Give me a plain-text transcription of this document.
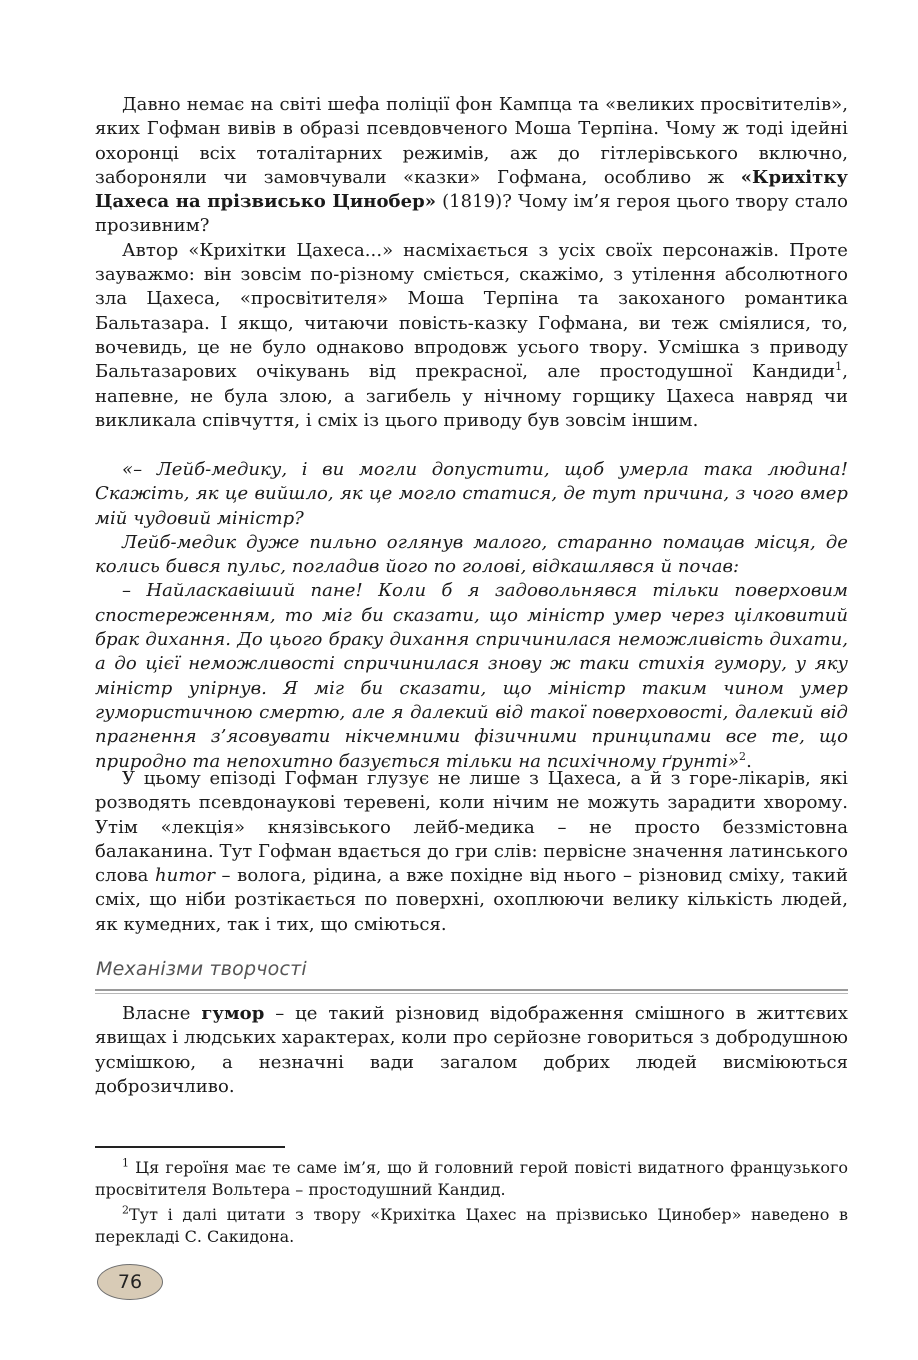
Давно немає на світі шефа поліції фон Кампца та «великих просвітителів», яких Гофман вивів в образі псевдовченого Моша Терпіна. Чому ж тоді ідейні охоронці всіх тоталітарних режимів, аж до гітлерівського включно, забороняли чи замовчували «казки» Гофмана, особливо ж «Крихітку Цахеса на прізвисько Цинобер» (1819)? Чому ім’я героя цього твору стало прозивним?

Автор «Крихітки Цахеса...» насміхається з усіх своїх персонажів. Проте зауважмо: він зовсім по-різному сміється, скажімо, з утілення абсолютного зла Цахеса, «просвітителя» Моша Терпіна та закоханого романтика Бальтазара. І якщо, читаючи повість-казку Гофмана, ви теж сміялися, то, вочевидь, це не було однаково впродовж усього твору. Усмішка з приводу Бальтазарових очікувань від прекрасної, але простодушної Кандиди$^1$, напевне, не була злою, а загибель у нічному горщику Цахеса навряд чи викликала співчуття, і сміх із цього приводу був зовсім іншим.

«– Лейб-медику, і ви могли допустити, щоб умерла така людина! Скажіть, як це вийшло, як це могло статися, де тут причина, з чого вмер мій чудовий міністр?

Лейб-медик дуже пильно оглянув малого, старанно помацав місця, де колись бився пульс, погладив його по голові, відкашлявся й почав:

– Найласкавіший пане! Коли б я задовольнявся тільки поверховим спостереженням, то міг би сказати, що міністр умер через цілковитий брак дихання. До цього браку дихання спричинилася неможливість дихати, а до цієї неможливості спричинилася знову ж таки стихія гумору, у яку міністр упірнув. Я міг би сказати, що міністр таким чином умер гумористичною смертю, але я далекий від такої поверховості, далекий від прагнення з’ясовувати нікчемними фізичними принципами все те, що природно та непохитно базується тільки на психічному ґрунті»$^2$.

У цьому епізоді Гофман глузує не лише з Цахеса, а й з горе-лікарів, які розводять псевдонаукові теревені, коли нічим не можуть зарадити хворому. Утім «лекція» князівського лейб-медика – не просто беззмістовна балаканина. Тут Гофман вдається до гри слів: первісне значення латинського слова humor – волога, рідина, а вже похідне від нього – різновид сміху, такий сміх, що ніби розтікається по поверхні, охоплюючи велику кількість людей, як кумедних, так і тих, що сміються.

Механізми творчості

Власне гумор – це такий різновид відображення смішного в життєвих явищах і людських характерах, коли про серйозне говориться з добродушною усмішкою, а незначні вади загалом добрих людей висміюються доброзичливо.

$^1$ Ця героїня має те саме ім’я, що й головний герой повісті видатного французького просвітителя Вольтера – простодушний Кандид.

$^2$Тут і далі цитати з твору «Крихітка Цахес на прізвисько Цинобер» наведено в перекладі С. Сакидона.

76
